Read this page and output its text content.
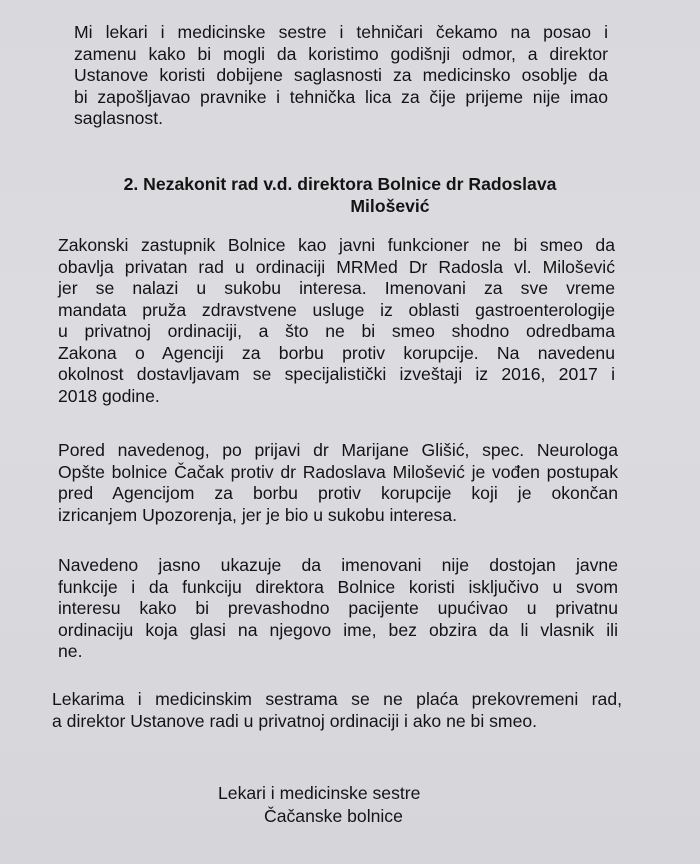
Mi lekari i medicinske sestre i tehničari čekamo na posao i
zamenu kako bi mogli da koristimo godišnji odmor, a direktor
Ustanove koristi dobijene saglasnosti za medicinsko osoblje da
bi zapošljavao pravnike i tehnička lica za čije prijeme nije imao
saglasnost.
2. Nezakonit rad v.d. direktora Bolnice dr Radoslava
Milošević
Zakonski zastupnik Bolnice kao javni funkcioner ne bi smeo da
obavlja privatan rad u ordinaciji MRMed Dr Radosla vl. Milošević
jer se nalazi u sukobu interesa. Imenovani za sve vreme
mandata pruža zdravstvene usluge iz oblasti gastroenterologije
u privatnoj ordinaciji, a što ne bi smeo shodno odredbama
Zakona o Agenciji za borbu protiv korupcije. Na navedenu
okolnost dostavljavam se specijalistički izveštaji iz 2016, 2017 i
2018 godine.
Pored navedenog, po prijavi dr Marijane Glišić, spec. Neurologa
Opšte bolnice Čačak protiv dr Radoslava Milošević je vođen postupak
pred Agencijom za borbu protiv korupcije koji je okončan
izricanjem Upozorenja, jer je bio u sukobu interesa.
Navedeno jasno ukazuje da imenovani nije dostojan javne
funkcije i da funkciju direktora Bolnice koristi isključivo u svom
interesu kako bi prevashodno pacijente upućivao u privatnu
ordinaciju koja glasi na njegovo ime, bez obzira da li vlasnik ili
ne.
Lekarima i medicinskim sestrama se ne plaća prekovremeni rad,
a direktor Ustanove radi u privatnoj ordinaciji i ako ne bi smeo.
Lekari i medicinske sestre
Čačanske bolnice
